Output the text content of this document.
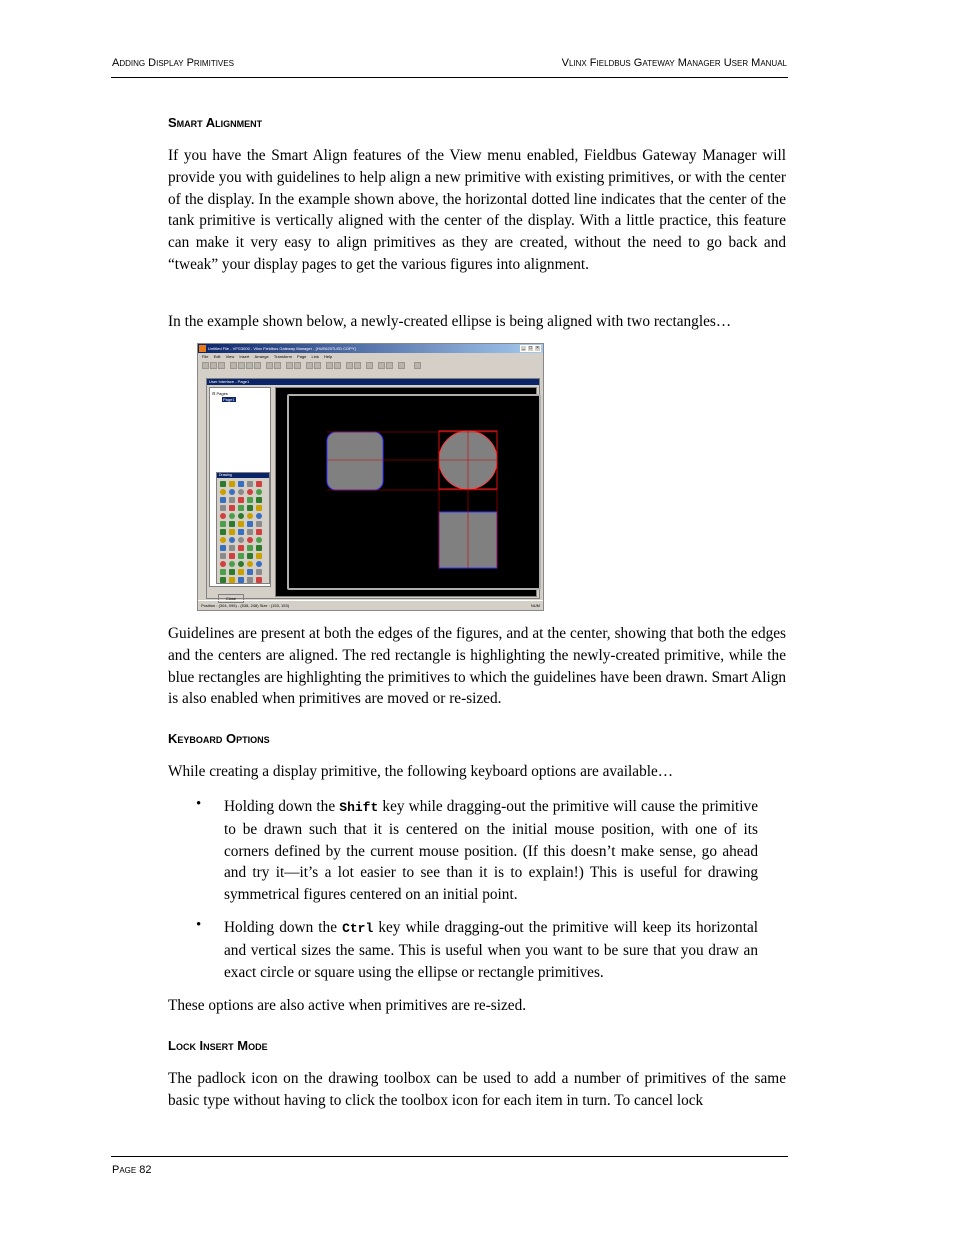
Adding Display Primitives	Vlinx Fieldbus Gateway Manager User Manual
Smart Alignment

If you have the Smart Align features of the View menu enabled, Fieldbus Gateway Manager will provide you with guidelines to help align a new primitive with existing primitives, or with the center of the display. In the example shown above, the horizontal dotted line indicates that the center of the tank primitive is vertically aligned with the center of the display. With a little practice, this feature can make it very easy to align primitives as they are created, without the need to go back and “tweak” your display pages to get the various figures into alignment.

In the example shown below, a newly-created ellipse is being aligned with two rectangles…

Untitled File - VFG3000 - Vlinx Fieldbus Gateway Manager - [HUE625TLED COPY]	_ □ ×
File Edit View Insert Arrange Transform Page Link Help
User Interface - Page1
⊟ Pages
Page1
Drawing
Close
Position : (304, 095) - (538, 248) Size : (153, 153)	NUM

Guidelines are present at both the edges of the figures, and at the center, showing that both the edges and the centers are aligned. The red rectangle is highlighting the newly-created primitive, while the blue rectangles are highlighting the primitives to which the guidelines have been drawn. Smart Align is also enabled when primitives are moved or re-sized.

Keyboard Options

While creating a display primitive, the following keyboard options are available…

• Holding down the Shift key while dragging-out the primitive will cause the primitive to be drawn such that it is centered on the initial mouse position, with one of its corners defined by the current mouse position. (If this doesn’t make sense, go ahead and try it—it’s a lot easier to see than it is to explain!) This is useful for drawing symmetrical figures centered on an initial point.

• Holding down the Ctrl key while dragging-out the primitive will keep its horizontal and vertical sizes the same. This is useful when you want to be sure that you draw an exact circle or square using the ellipse or rectangle primitives.

These options are also active when primitives are re-sized.

Lock Insert Mode

The padlock icon on the drawing toolbox can be used to add a number of primitives of the same basic type without having to click the toolbox icon for each item in turn. To cancel lock

Page 82
